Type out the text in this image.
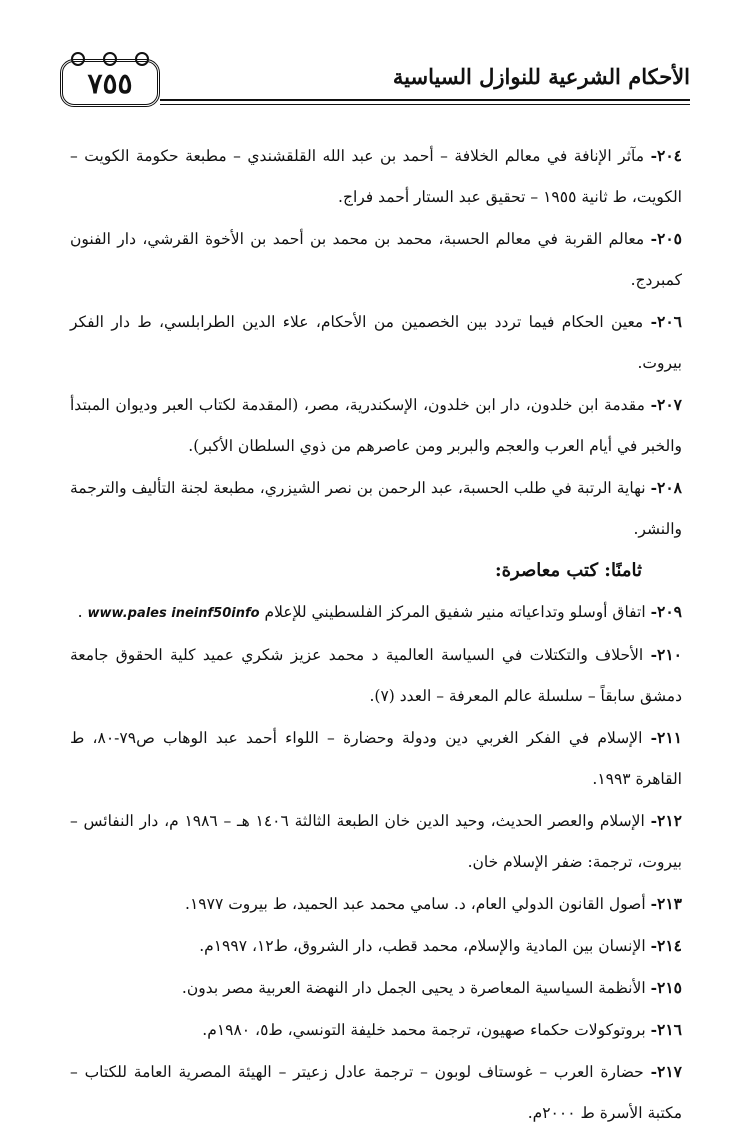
٧٥٥	الأحكام الشرعية للنوازل السياسية

٢٠٤- مآثر الإنافة في معالم الخلافة – أحمد بن عبد الله القلقشندي – مطبعة حكومة الكويت – الكويت، ط ثانية ١٩٥٥ – تحقيق عبد الستار أحمد فراج.

٢٠٥- معالم القربة في معالم الحسبة، محمد بن محمد بن أحمد بن الأخوة القرشي، دار الفنون كمبردج.

٢٠٦- معين الحكام فيما تردد بين الخصمين من الأحكام، علاء الدين الطرابلسي، ط دار الفكر بيروت.

٢٠٧- مقدمة ابن خلدون، دار ابن خلدون، الإسكندرية، مصر، (المقدمة لكتاب العبر وديوان المبتدأ والخبر في أيام العرب والعجم والبربر ومن عاصرهم من ذوي السلطان الأكبر).

٢٠٨- نهاية الرتبة في طلب الحسبة، عبد الرحمن بن نصر الشيزري، مطبعة لجنة التأليف والترجمة والنشر.

ثامنًا: كتب معاصرة:

٢٠٩- اتفاق أوسلو وتداعياته منير شفيق المركز الفلسطيني للإعلام www.pales ineinf50info .

٢١٠- الأحلاف والتكتلات في السياسة العالمية د محمد عزيز شكري عميد كلية الحقوق جامعة دمشق سابقاً – سلسلة عالم المعرفة – العدد (٧).

٢١١- الإسلام في الفكر الغربي دين ودولة وحضارة – اللواء أحمد عبد الوهاب ص٧٩-٨٠، ط القاهرة ١٩٩٣.

٢١٢- الإسلام والعصر الحديث، وحيد الدين خان الطبعة الثالثة ١٤٠٦ هـ – ١٩٨٦ م، دار النفائس – بيروت، ترجمة: ضفر الإسلام خان.

٢١٣- أصول القانون الدولي العام، د. سامي محمد عبد الحميد، ط بيروت ١٩٧٧.

٢١٤- الإنسان بين المادية والإسلام، محمد قطب، دار الشروق، ط١٢، ١٩٩٧م.

٢١٥- الأنظمة السياسية المعاصرة د يحيى الجمل دار النهضة العربية مصر بدون.

٢١٦- بروتوكولات حكماء صهيون، ترجمة محمد خليفة التونسي، ط٥، ١٩٨٠م.

٢١٧- حضارة العرب – غوستاف لوبون – ترجمة عادل زعيتر – الهيئة المصرية العامة للكتاب – مكتبة الأسرة ط ٢٠٠٠م.
